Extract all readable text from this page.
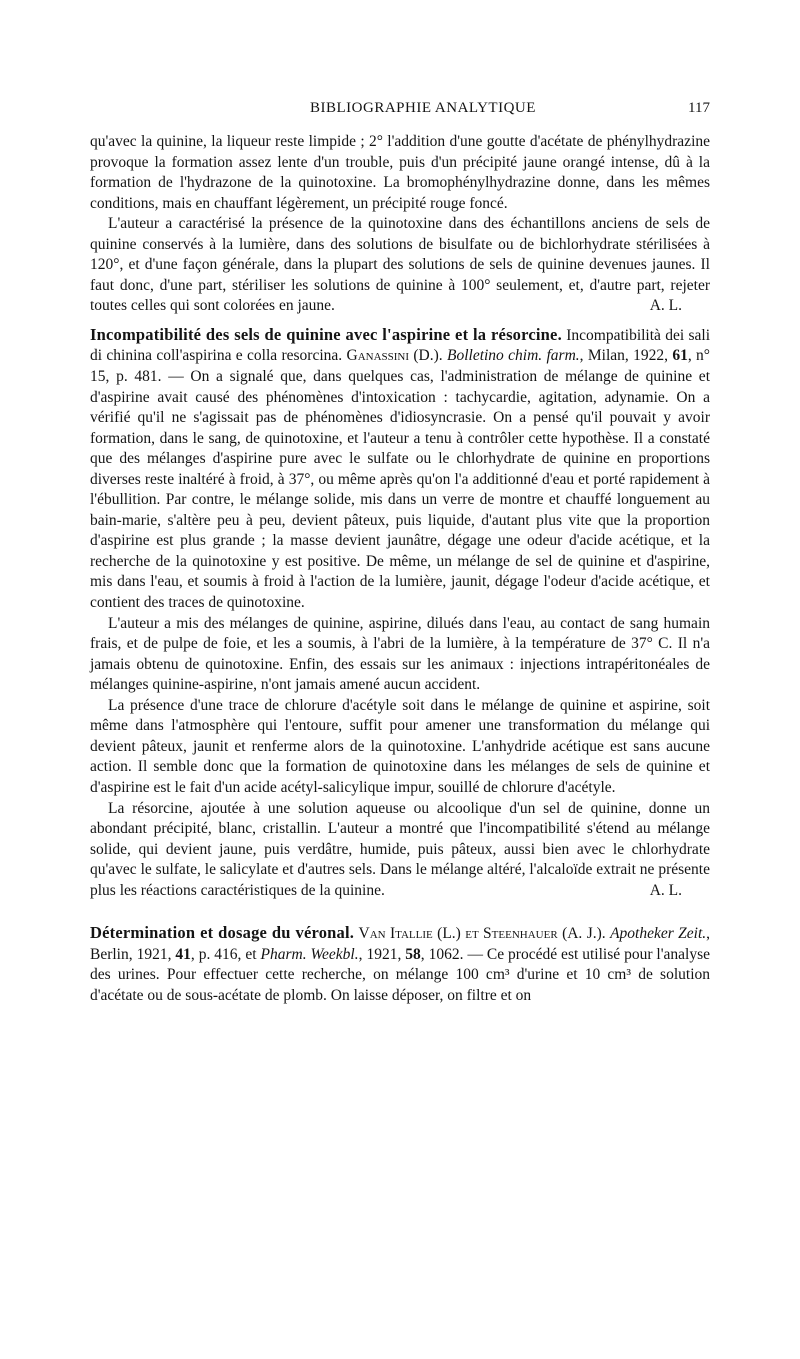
BIBLIOGRAPHIE ANALYTIQUE	117

qu'avec la quinine, la liqueur reste limpide ; 2° l'addition d'une goutte d'acétate de phénylhydrazine provoque la formation assez lente d'un trouble, puis d'un précipité jaune orangé intense, dû à la formation de l'hydrazone de la quinotoxine. La bromophénylhydrazine donne, dans les mêmes conditions, mais en chauffant légèrement, un précipité rouge foncé.

L'auteur a caractérisé la présence de la quinotoxine dans des échantillons anciens de sels de quinine conservés à la lumière, dans des solutions de bisulfate ou de bichlorhydrate stérilisées à 120°, et d'une façon générale, dans la plupart des solutions de sels de quinine devenues jaunes. Il faut donc, d'une part, stériliser les solutions de quinine à 100° seulement, et, d'autre part, rejeter toutes celles qui sont colorées en jaune.	A. L.

Incompatibilité des sels de quinine avec l'aspirine et la résorcine. Incompatibilità dei sali di chinina coll'aspirina e colla resorcina. Ganassini (D.). Bolletino chim. farm., Milan, 1922, 61, n° 15, p. 481. — On a signalé que, dans quelques cas, l'administration de mélange de quinine et d'aspirine avait causé des phénomènes d'intoxication : tachycardie, agitation, adynamie. On a vérifié qu'il ne s'agissait pas de phénomènes d'idiosyncrasie. On a pensé qu'il pouvait y avoir formation, dans le sang, de quinotoxine, et l'auteur a tenu à contrôler cette hypothèse. Il a constaté que des mélanges d'aspirine pure avec le sulfate ou le chlorhydrate de quinine en proportions diverses reste inaltéré à froid, à 37°, ou même après qu'on l'a additionné d'eau et porté rapidement à l'ébullition. Par contre, le mélange solide, mis dans un verre de montre et chauffé longuement au bain-marie, s'altère peu à peu, devient pâteux, puis liquide, d'autant plus vite que la proportion d'aspirine est plus grande ; la masse devient jaunâtre, dégage une odeur d'acide acétique, et la recherche de la quinotoxine y est positive. De même, un mélange de sel de quinine et d'aspirine, mis dans l'eau, et soumis à froid à l'action de la lumière, jaunit, dégage l'odeur d'acide acétique, et contient des traces de quinotoxine.

L'auteur a mis des mélanges de quinine, aspirine, dilués dans l'eau, au contact de sang humain frais, et de pulpe de foie, et les a soumis, à l'abri de la lumière, à la température de 37° C. Il n'a jamais obtenu de quinotoxine. Enfin, des essais sur les animaux : injections intrapéritonéales de mélanges quinine-aspirine, n'ont jamais amené aucun accident.

La présence d'une trace de chlorure d'acétyle soit dans le mélange de quinine et aspirine, soit même dans l'atmosphère qui l'entoure, suffit pour amener une transformation du mélange qui devient pâteux, jaunit et renferme alors de la quinotoxine. L'anhydride acétique est sans aucune action. Il semble donc que la formation de quinotoxine dans les mélanges de sels de quinine et d'aspirine est le fait d'un acide acétyl-salicylique impur, souillé de chlorure d'acétyle.

La résorcine, ajoutée à une solution aqueuse ou alcoolique d'un sel de quinine, donne un abondant précipité, blanc, cristallin. L'auteur a montré que l'incompatibilité s'étend au mélange solide, qui devient jaune, puis verdâtre, humide, puis pâteux, aussi bien avec le chlorhydrate qu'avec le sulfate, le salicylate et d'autres sels. Dans le mélange altéré, l'alcaloïde extrait ne présente plus les réactions caractéristiques de la quinine.	A. L.

Détermination et dosage du véronal. Van Itallie (L.) et Steenhauer (A. J.). Apotheker Zeit., Berlin, 1921, 41, p. 416, et Pharm. Weekbl., 1921, 58, 1062. — Ce procédé est utilisé pour l'analyse des urines. Pour effectuer cette recherche, on mélange 100 cm³ d'urine et 10 cm³ de solution d'acétate ou de sous-acétate de plomb. On laisse déposer, on filtre et on
